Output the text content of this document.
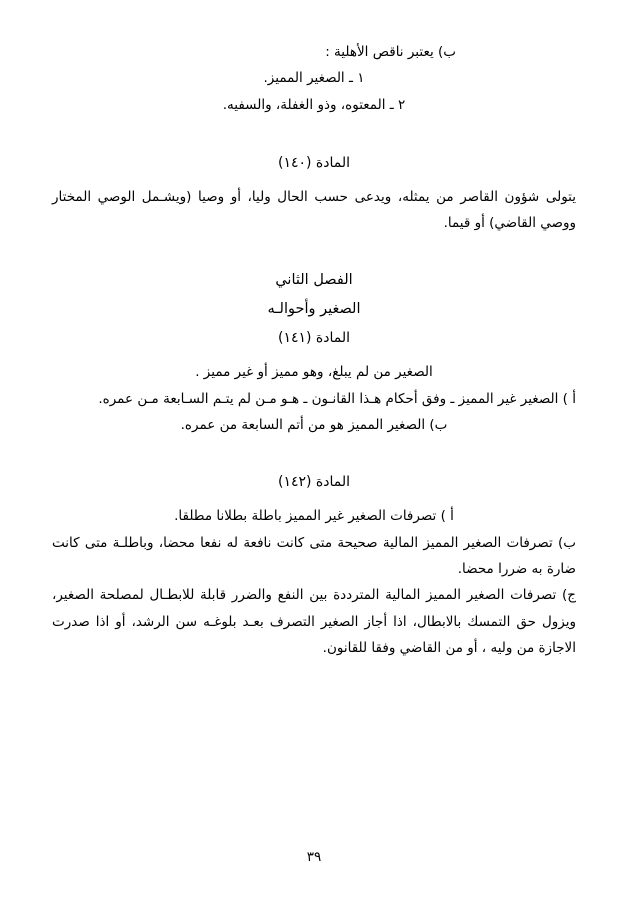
ب) يعتبر ناقص الأهلية :

١ ـ الصغير المميز.

٢ ـ المعتوه، وذو الغفلة، والسفيه.

المادة (١٤٠)

يتولى شؤون القاصر من يمثله، ويدعى حسب الحال وليا، أو وصيا (ويشـمل الوصي المختار ووصي القاضي) أو قيما.

الفصل الثاني

الصغير وأحوالـه

المادة (١٤١)

الصغير من لم يبلغ، وهو مميز أو غير مميز .

أ ) الصغير غير المميز ـ وفق أحكام هـذا القانـون ـ هـو مـن لم يتـم السـابعة مـن عمره.

ب) الصغير المميز هو من أتم السابعة من عمره.

المادة (١٤٢)

أ ) تصرفات الصغير غير المميز باطلة بطلانا مطلقا.

ب) تصرفات الصغير المميز المالية صحيحة متى كانت نافعة له نفعا محضا، وباطلـة متى كانت ضارة به ضررا محضا.

ج) تصرفات الصغير المميز المالية المترددة بين النفع والضرر قابلة للابطـال لمصلحة الصغير، ويزول حق التمسك بالابطال، اذا أجاز الصغير التصرف بعـد بلوغـه سن الرشد، أو اذا صدرت الاجازة من وليه ، أو من القاضي وفقا للقانون.

٣٩
